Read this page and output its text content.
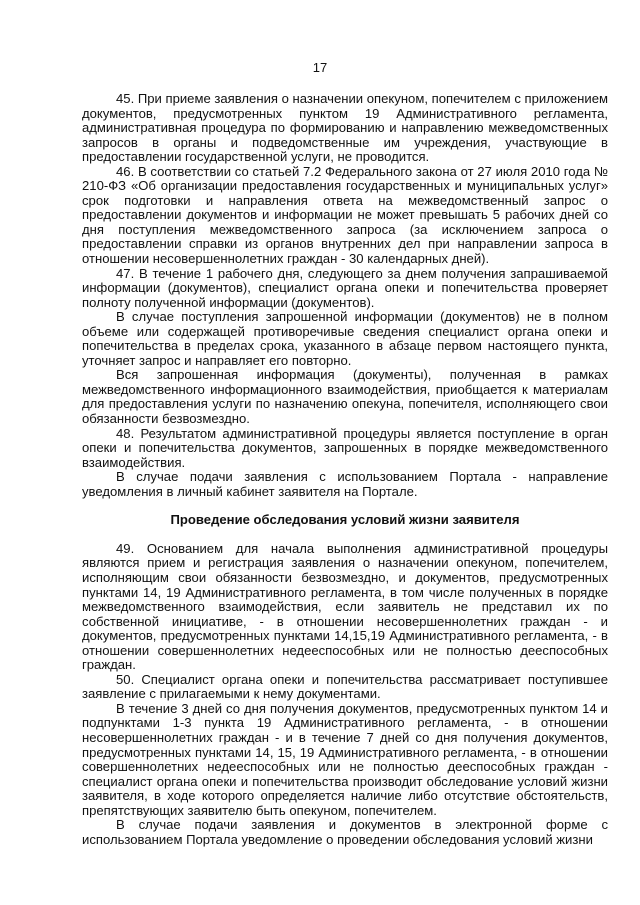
17

45. При приеме заявления о назначении опекуном, попечителем с приложением документов, предусмотренных пунктом 19 Административного регламента, административная процедура по формированию и направлению межведомственных запросов в органы и подведомственные им учреждения, участвующие в предоставлении государственной услуги, не проводится.

46. В соответствии со статьей 7.2 Федерального закона от 27 июля 2010 года № 210-ФЗ «Об организации предоставления государственных и муниципальных услуг» срок подготовки и направления ответа на межведомственный запрос о предоставлении документов и информации не может превышать 5 рабочих дней со дня поступления межведомственного запроса (за исключением запроса о предоставлении справки из органов внутренних дел при направлении запроса в отношении несовершеннолетних граждан - 30 календарных дней).

47. В течение 1 рабочего дня, следующего за днем получения запрашиваемой информации (документов), специалист органа опеки и попечительства проверяет полноту полученной информации (документов).

В случае поступления запрошенной информации (документов) не в полном объеме или содержащей противоречивые сведения специалист органа опеки и попечительства в пределах срока, указанного в абзаце первом настоящего пункта, уточняет запрос и направляет его повторно.

Вся запрошенная информация (документы), полученная в рамках межведомственного информационного взаимодействия, приобщается к материалам для предоставления услуги по назначению опекуна, попечителя, исполняющего свои обязанности безвозмездно.

48. Результатом административной процедуры является поступление в орган опеки и попечительства документов, запрошенных в порядке межведомственного взаимодействия.

В случае подачи заявления с использованием Портала - направление уведомления в личный кабинет заявителя на Портале.

Проведение обследования условий жизни заявителя

49. Основанием для начала выполнения административной процедуры являются прием и регистрация заявления о назначении опекуном, попечителем, исполняющим свои обязанности безвозмездно, и документов, предусмотренных пунктами 14, 19 Административного регламента, в том числе полученных в порядке межведомственного взаимодействия, если заявитель не представил их по собственной инициативе, - в отношении несовершеннолетних граждан - и документов, предусмотренных пунктами 14,15,19 Административного регламента, - в отношении совершеннолетних недееспособных или не полностью дееспособных граждан.

50. Специалист органа опеки и попечительства рассматривает поступившее заявление с прилагаемыми к нему документами.

В течение 3 дней со дня получения документов, предусмотренных пунктом 14 и подпунктами 1-3 пункта 19 Административного регламента, - в отношении несовершеннолетних граждан - и в течение 7 дней со дня получения документов, предусмотренных пунктами 14, 15, 19 Административного регламента, - в отношении совершеннолетних недееспособных или не полностью дееспособных граждан - специалист органа опеки и попечительства производит обследование условий жизни заявителя, в ходе которого определяется наличие либо отсутствие обстоятельств, препятствующих заявителю быть опекуном, попечителем.

В случае подачи заявления и документов в электронной форме с использованием Портала уведомление о проведении обследования условий жизни
